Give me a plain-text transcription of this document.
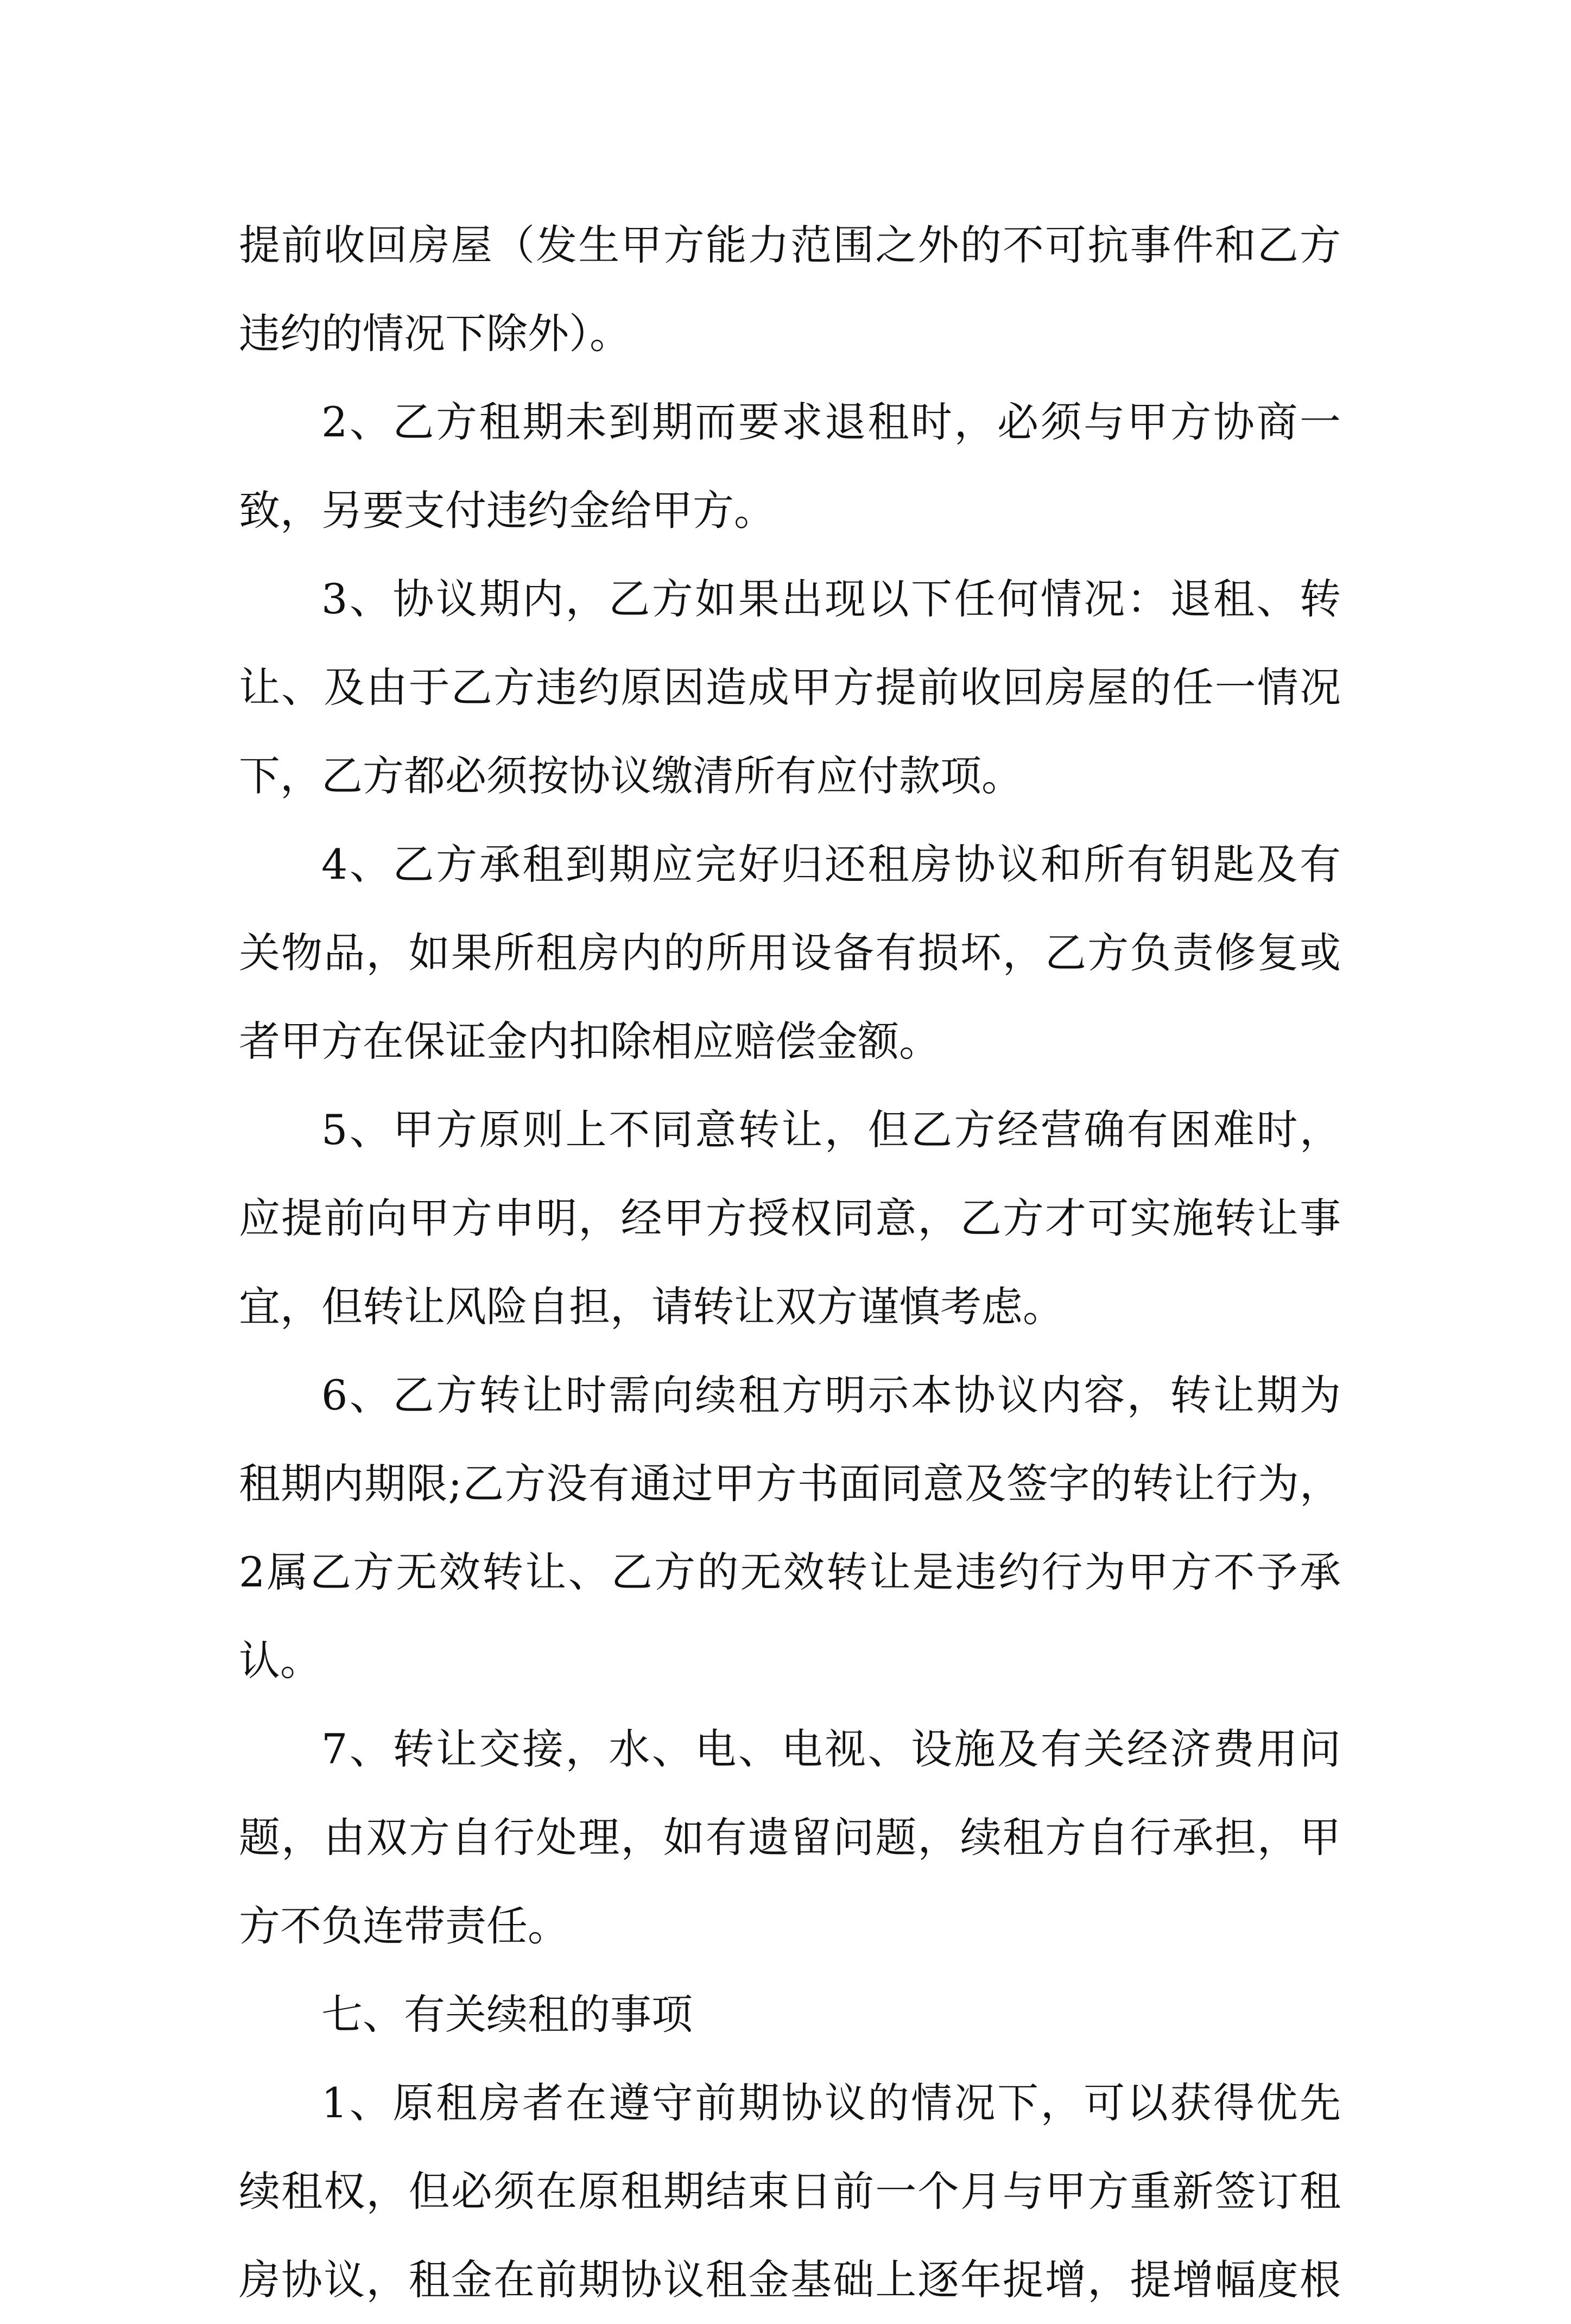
提前收回房屋（发生甲方能力范围之外的不可抗事件和乙方
违约的情况下除外）。
2、乙方租期未到期而要求退租时，必须与甲方协商一
致，另要支付违约金给甲方。
3、协议期内，乙方如果出现以下任何情况：退租、转
让、及由于乙方违约原因造成甲方提前收回房屋的任一情况
下，乙方都必须按协议缴清所有应付款项。
4、乙方承租到期应完好归还租房协议和所有钥匙及有
关物品，如果所租房内的所用设备有损坏，乙方负责修复或
者甲方在保证金内扣除相应赔偿金额。
5、甲方原则上不同意转让，但乙方经营确有困难时，
应提前向甲方申明，经甲方授权同意，乙方才可实施转让事
宜，但转让风险自担，请转让双方谨慎考虑。
6、乙方转让时需向续租方明示本协议内容，转让期为
租期内期限;乙方没有通过甲方书面同意及签字的转让行为，
2属乙方无效转让、乙方的无效转让是违约行为甲方不予承
认。
7、转让交接，水、电、电视、设施及有关经济费用问
题，由双方自行处理，如有遗留问题，续租方自行承担，甲
方不负连带责任。
七、有关续租的事项
1、原租房者在遵守前期协议的情况下，可以获得优先
续租权，但必须在原租期结束日前一个月与甲方重新签订租
房协议，租金在前期协议租金基础上逐年捉增，提增幅度根
